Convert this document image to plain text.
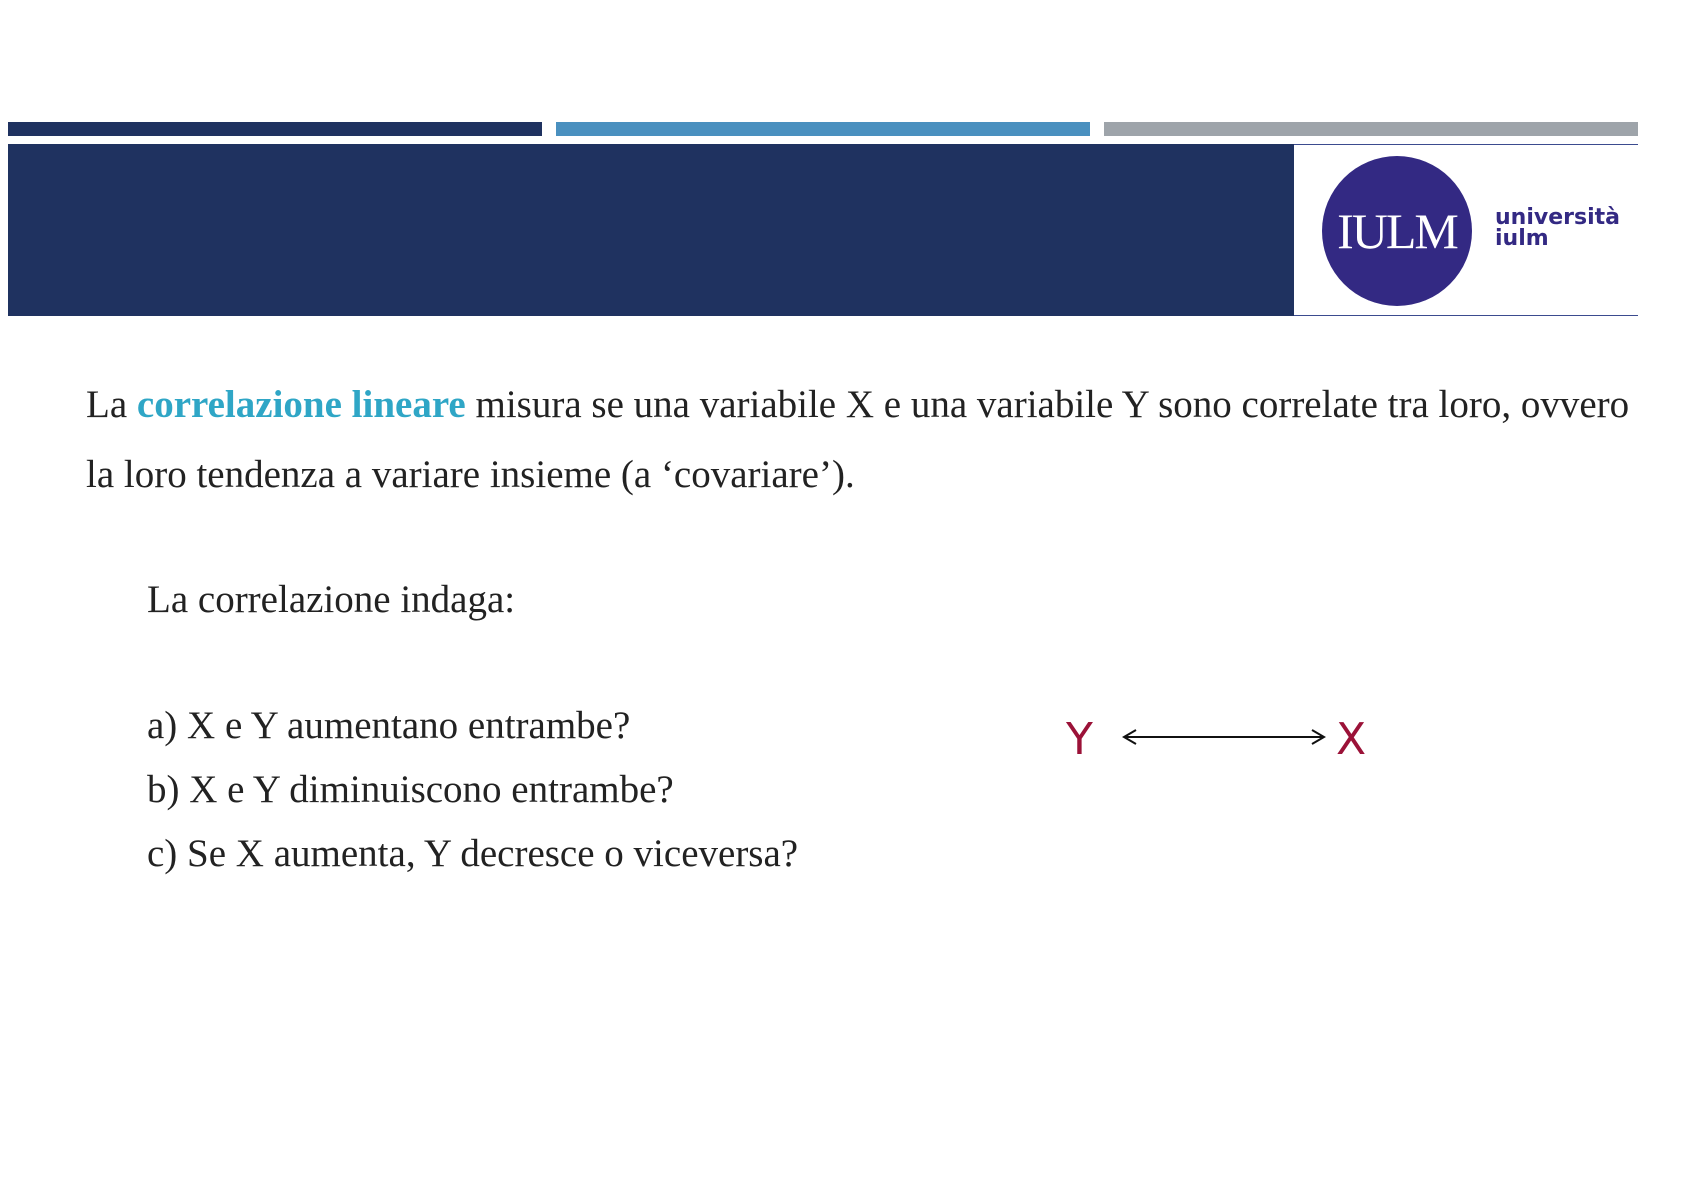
IULM università
iulm

La correlazione lineare misura se una variabile X e una variabile Y sono correlate tra loro, ovvero la loro tendenza a variare insieme (a ‘covariare’).

La correlazione indaga:

a) X e Y aumentano entrambe?
b) X e Y diminuiscono entrambe?
c) Se X aumenta, Y decresce o viceversa?
Y	X
